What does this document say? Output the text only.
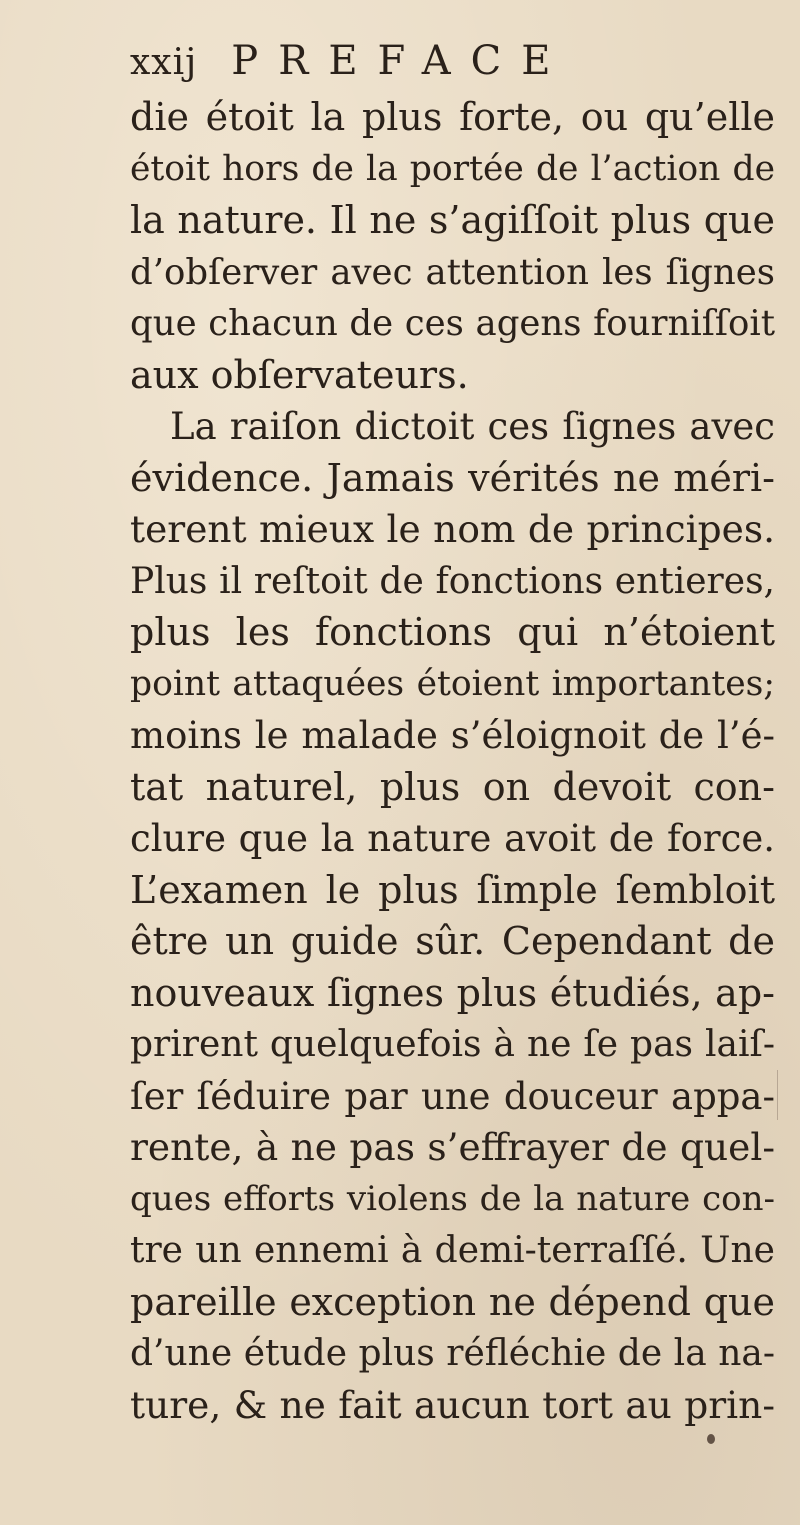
xxij PREFACE
die étoit la plus forte, ou qu’elle
étoit hors de la portée de l’action de
la nature. Il ne s’agiſſoit plus que
d’obſerver avec attention les ſignes
que chacun de ces agens fourniſſoit
aux obſervateurs.
La raiſon dictoit ces ſignes avec
évidence. Jamais vérités ne méri-
terent mieux le nom de principes.
Plus il reſtoit de fonctions entieres,
plus les fonctions qui n’étoient
point attaquées étoient importantes;
moins le malade s’éloignoit de l’é-
tat naturel, plus on devoit con-
clure que la nature avoit de force.
L’examen le plus ſimple ſembloit
être un guide sûr. Cependant de
nouveaux ſignes plus étudiés, ap-
prirent quelquefois à ne ſe pas laiſ-
ſer ſéduire par une douceur appa-
rente, à ne pas s’effrayer de quel-
ques efforts violens de la nature con-
tre un ennemi à demi-terraſſé. Une
pareille exception ne dépend que
d’une étude plus réfléchie de la na-
ture, & ne fait aucun tort au prin-
